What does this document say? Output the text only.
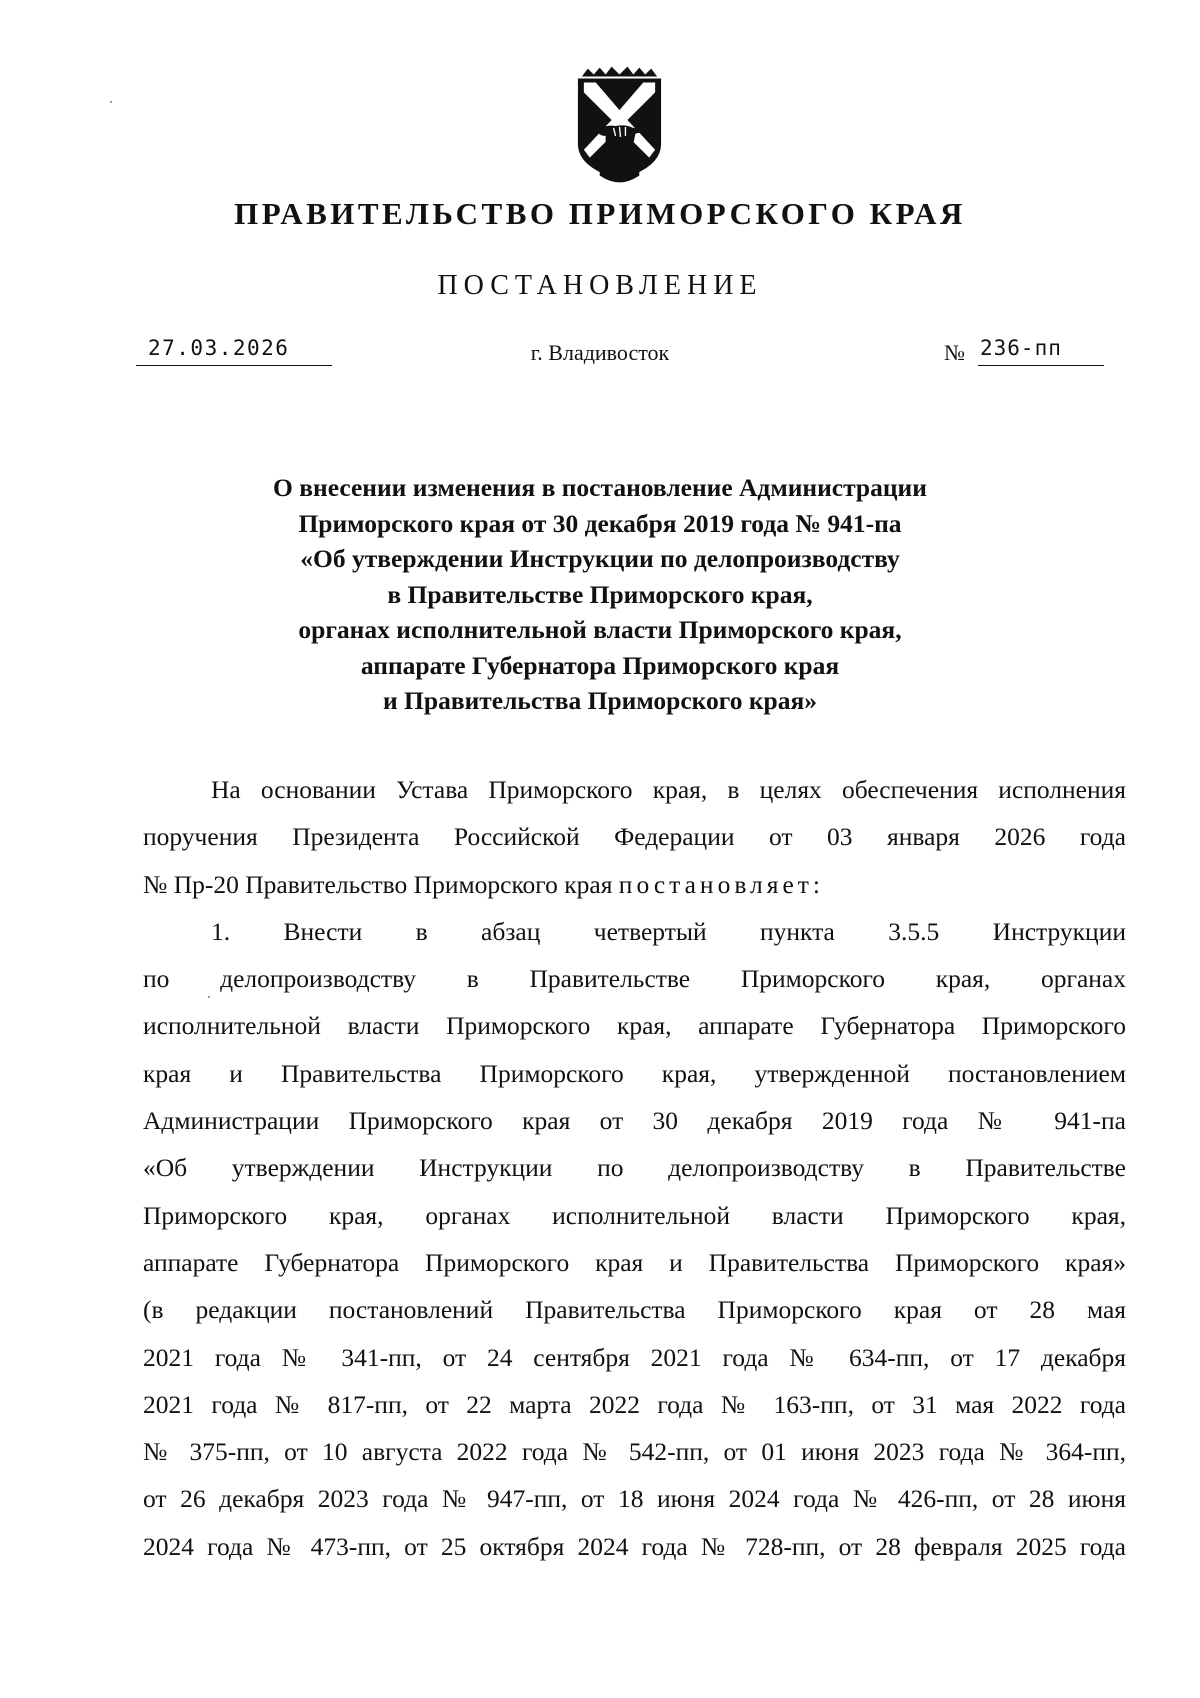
ПРАВИТЕЛЬСТВО ПРИМОРСКОГО КРАЯ
ПОСТАНОВЛЕНИЕ
27.03.2026	г. Владивосток	№ 236-пп
О внесении изменения в постановление Администрации
Приморского края от 30 декабря 2019 года № 941-па
«Об утверждении Инструкции по делопроизводству
в Правительстве Приморского края,
органах исполнительной власти Приморского края,
аппарате Губернатора Приморского края
и Правительства Приморского края»
На основании Устава Приморского края, в целях обеспечения исполнения
поручения Президента Российской Федерации от 03 января 2026 года
№ Пр-20 Правительство Приморского края постановляет:
1. Внести в абзац четвертый пункта 3.5.5 Инструкции
по делопроизводству в Правительстве Приморского края, органах
исполнительной власти Приморского края, аппарате Губернатора Приморского
края и Правительства Приморского края, утвержденной постановлением
Администрации Приморского края от 30 декабря 2019 года № 941-па
«Об утверждении Инструкции по делопроизводству в Правительстве
Приморского края, органах исполнительной власти Приморского края,
аппарате Губернатора Приморского края и Правительства Приморского края»
(в редакции постановлений Правительства Приморского края от 28 мая
2021 года № 341-пп, от 24 сентября 2021 года № 634-пп, от 17 декабря
2021 года № 817-пп, от 22 марта 2022 года № 163-пп, от 31 мая 2022 года
№ 375-пп, от 10 августа 2022 года № 542-пп, от 01 июня 2023 года № 364-пп,
от 26 декабря 2023 года № 947-пп, от 18 июня 2024 года № 426-пп, от 28 июня
2024 года № 473-пп, от 25 октября 2024 года № 728-пп, от 28 февраля 2025 года
